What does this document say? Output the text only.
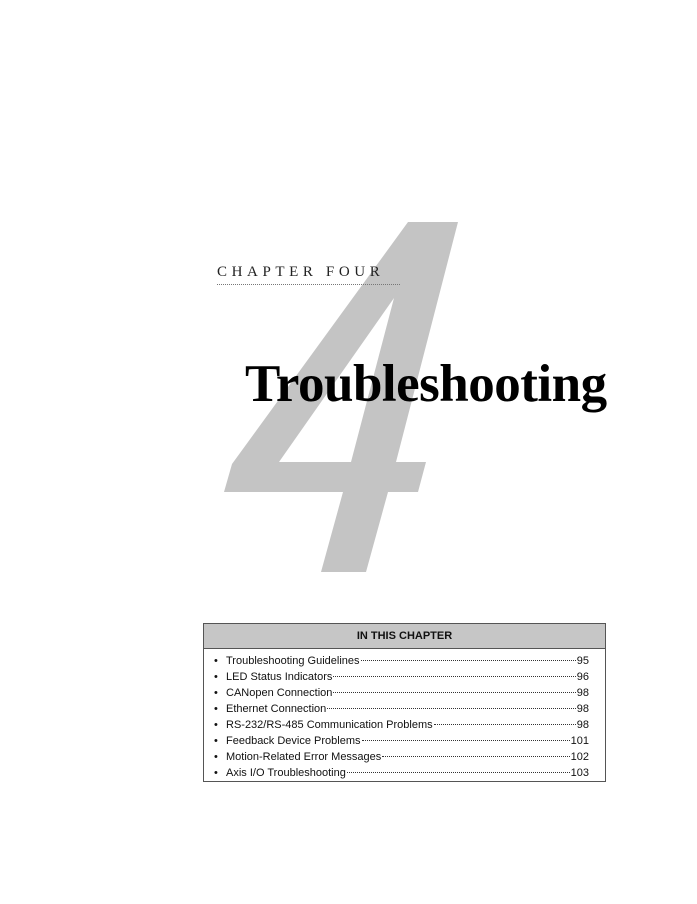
CHAPTER FOUR
Troubleshooting
IN THIS CHAPTER
• Troubleshooting Guidelines	95
• LED Status Indicators	96
• CANopen Connection	98
• Ethernet Connection	98
• RS-232/RS-485 Communication Problems	98
• Feedback Device Problems	101
• Motion-Related Error Messages	102
• Axis I/O Troubleshooting	103
